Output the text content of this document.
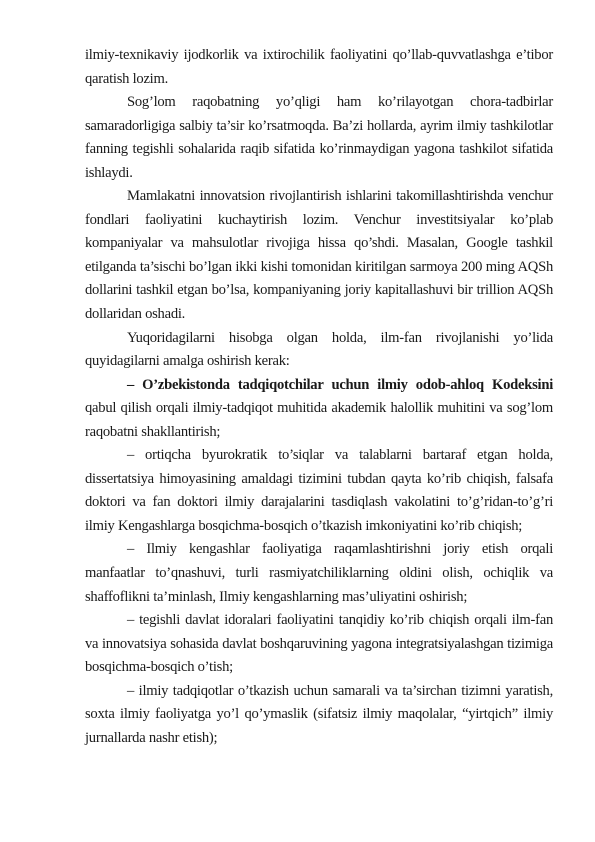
ilmiy-texnikaviy ijodkorlik va ixtirochilik faoliyatini qo’llab-quvvatlashga e’tibor qaratish lozim.

Sog’lom raqobatning yo’qligi ham ko’rilayotgan chora-tadbirlar samaradorligiga salbiy ta’sir ko’rsatmoqda. Ba’zi hollarda, ayrim ilmiy tashkilotlar fanning tegishli sohalarida raqib sifatida ko’rinmaydigan yagona tashkilot sifatida ishlaydi.

Mamlakatni innovatsion rivojlantirish ishlarini takomillashtirishda venchur fondlari faoliyatini kuchaytirish lozim. Venchur investitsiyalar ko’plab kompaniyalar va mahsulotlar rivojiga hissa qo’shdi. Masalan, Google tashkil etilganda ta’sischi bo’lgan ikki kishi tomonidan kiritilgan sarmoya 200 ming AQSh dollarini tashkil etgan bo’lsa, kompaniyaning joriy kapitallashuvi bir trillion AQSh dollaridan oshadi.

Yuqoridagilarni hisobga olgan holda, ilm-fan rivojlanishi yo’lida quyidagilarni amalga oshirish kerak:

– O’zbekistonda tadqiqotchilar uchun ilmiy odob-ahloq Kodeksini qabul qilish orqali ilmiy-tadqiqot muhitida akademik halollik muhitini va sog’lom raqobatni shakllantirish;

– ortiqcha byurokratik to’siqlar va talablarni bartaraf etgan holda, dissertatsiya himoyasining amaldagi tizimini tubdan qayta ko’rib chiqish, falsafa doktori va fan doktori ilmiy darajalarini tasdiqlash vakolatini to’g’ridan-to’g’ri ilmiy Kengashlarga bosqichma-bosqich o’tkazish imkoniyatini ko’rib chiqish;

– Ilmiy kengashlar faoliyatiga raqamlashtirishni joriy etish orqali manfaatlar to’qnashuvi, turli rasmiyatchiliklarning oldini olish, ochiqlik va shaffoflikni ta’minlash, Ilmiy kengashlarning mas’uliyatini oshirish;

– tegishli davlat idoralari faoliyatini tanqidiy ko’rib chiqish orqali ilm-fan va innovatsiya sohasida davlat boshqaruvining yagona integratsiyalashgan tizimiga bosqichma-bosqich o’tish;

– ilmiy tadqiqotlar o’tkazish uchun samarali va ta’sirchan tizimni yaratish, soxta ilmiy faoliyatga yo’l qo’ymaslik (sifatsiz ilmiy maqolalar, “yirtqich” ilmiy jurnallarda nashr etish);
